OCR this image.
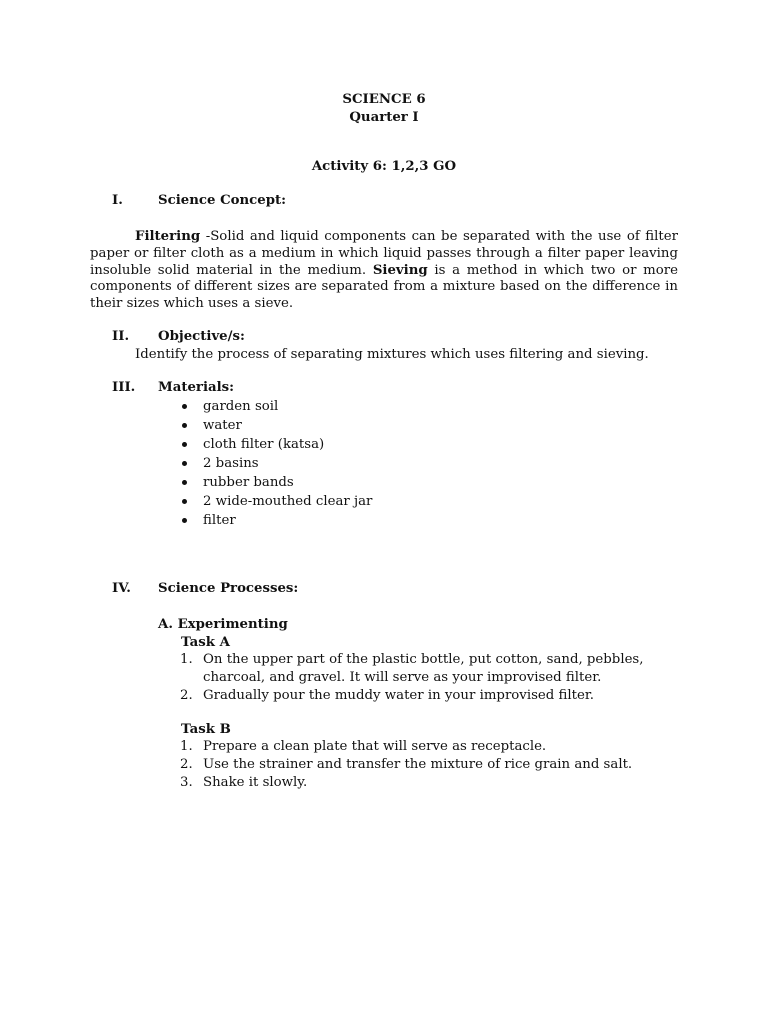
SCIENCE 6
Quarter I
Activity 6: 1,2,3 GO
I.	Science Concept:
Filtering -Solid and liquid components can be separated with the use of filter paper or filter cloth as a medium in which liquid passes through a filter paper leaving insoluble solid material in the medium. Sieving is a method in which two or more components of different sizes are separated from a mixture based on the difference in their sizes which uses a sieve.
II. Objective/s:
Identify the process of separating mixtures which uses filtering and sieving.
III. Materials:
garden soil
water
cloth filter (katsa)
2 basins
rubber bands
2 wide-mouthed clear jar
filter
IV. Science Processes:
A. Experimenting
Task A
1. On the upper part of the plastic bottle, put cotton, sand, pebbles, charcoal, and gravel. It will serve as your improvised filter.
2. Gradually pour the muddy water in your improvised filter.
Task B
1. Prepare a clean plate that will serve as receptacle.
2. Use the strainer and transfer the mixture of rice grain and salt.
3. Shake it slowly.
